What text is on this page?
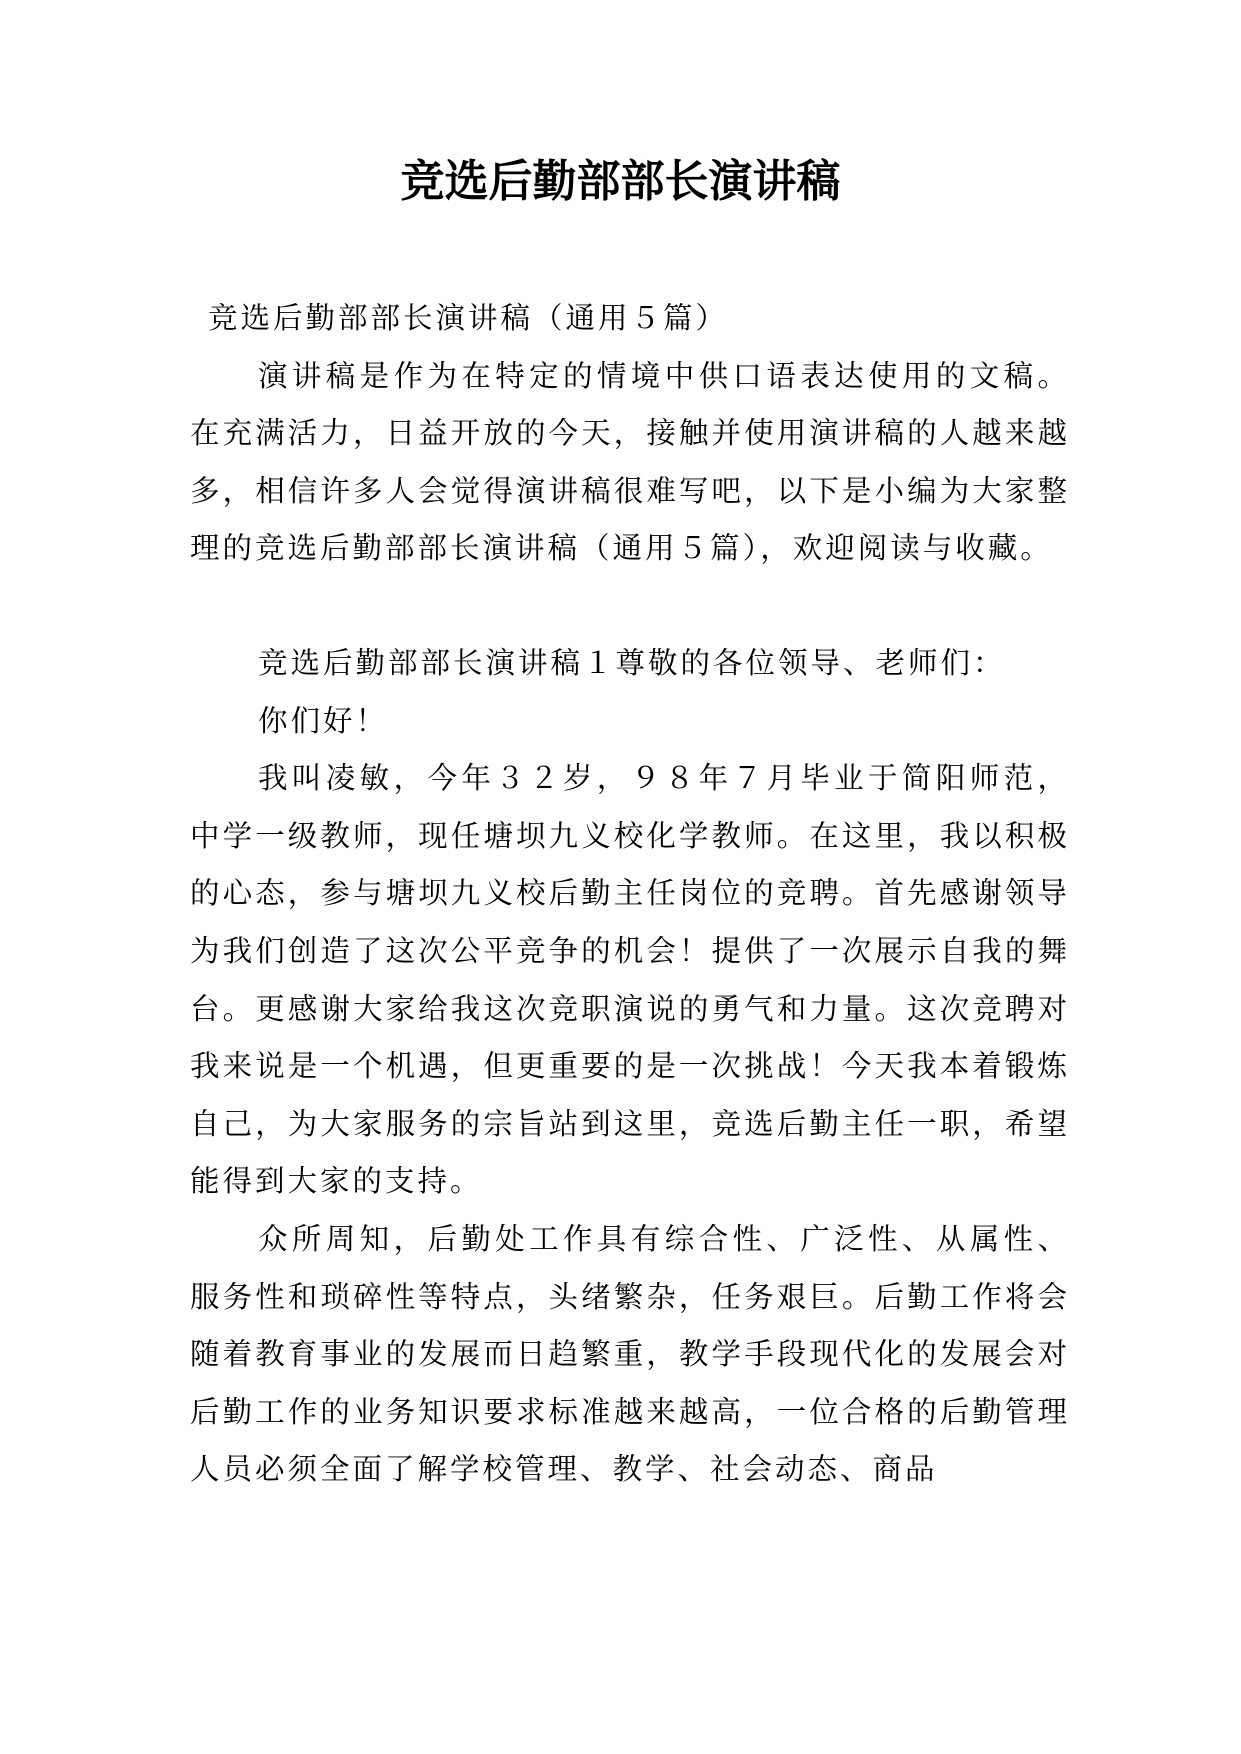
竞选后勤部部长演讲稿

竞选后勤部部长演讲稿（通用５篇）

演讲稿是作为在特定的情境中供口语表达使用的文稿。在充满活力，日益开放的今天，接触并使用演讲稿的人越来越多，相信许多人会觉得演讲稿很难写吧，以下是小编为大家整理的竞选后勤部部长演讲稿（通用５篇），欢迎阅读与收藏。

竞选后勤部部长演讲稿１尊敬的各位领导、老师们：

你们好！

我叫凌敏，今年３２岁，９８年７月毕业于简阳师范，中学一级教师，现任塘坝九义校化学教师。在这里，我以积极的心态，参与塘坝九义校后勤主任岗位的竞聘。首先感谢领导为我们创造了这次公平竞争的机会！提供了一次展示自我的舞台。更感谢大家给我这次竞职演说的勇气和力量。这次竞聘对我来说是一个机遇，但更重要的是一次挑战！今天我本着锻炼自己，为大家服务的宗旨站到这里，竞选后勤主任一职，希望能得到大家的支持。

众所周知，后勤处工作具有综合性、广泛性、从属性、服务性和琐碎性等特点，头绪繁杂，任务艰巨。后勤工作将会随着教育事业的发展而日趋繁重，教学手段现代化的发展会对后勤工作的业务知识要求标准越来越高，一位合格的后勤管理人员必须全面了解学校管理、教学、社会动态、商品
